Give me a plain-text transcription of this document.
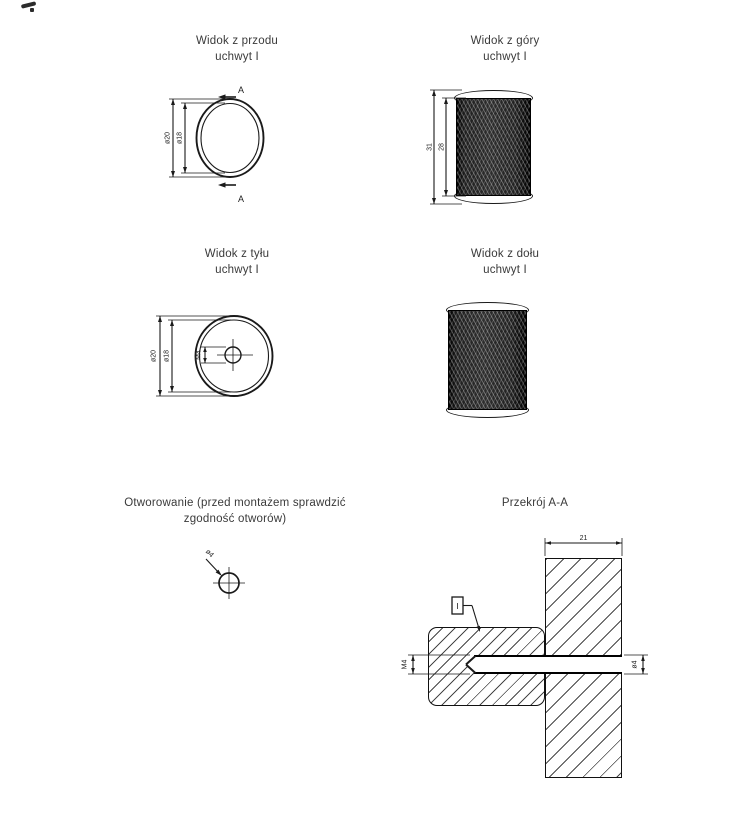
Widok z przodu
uchwyt I
ø20 ø18
A
A
Widok z góry
uchwyt I
31 28
Widok z tyłu
uchwyt I
M4
ø20 ø18
Widok z dołu
uchwyt I
Otworowanie (przed montażem sprawdzić
zgodność otworów)
ø4
Przekrój A-A
21
M4	ø4
I
